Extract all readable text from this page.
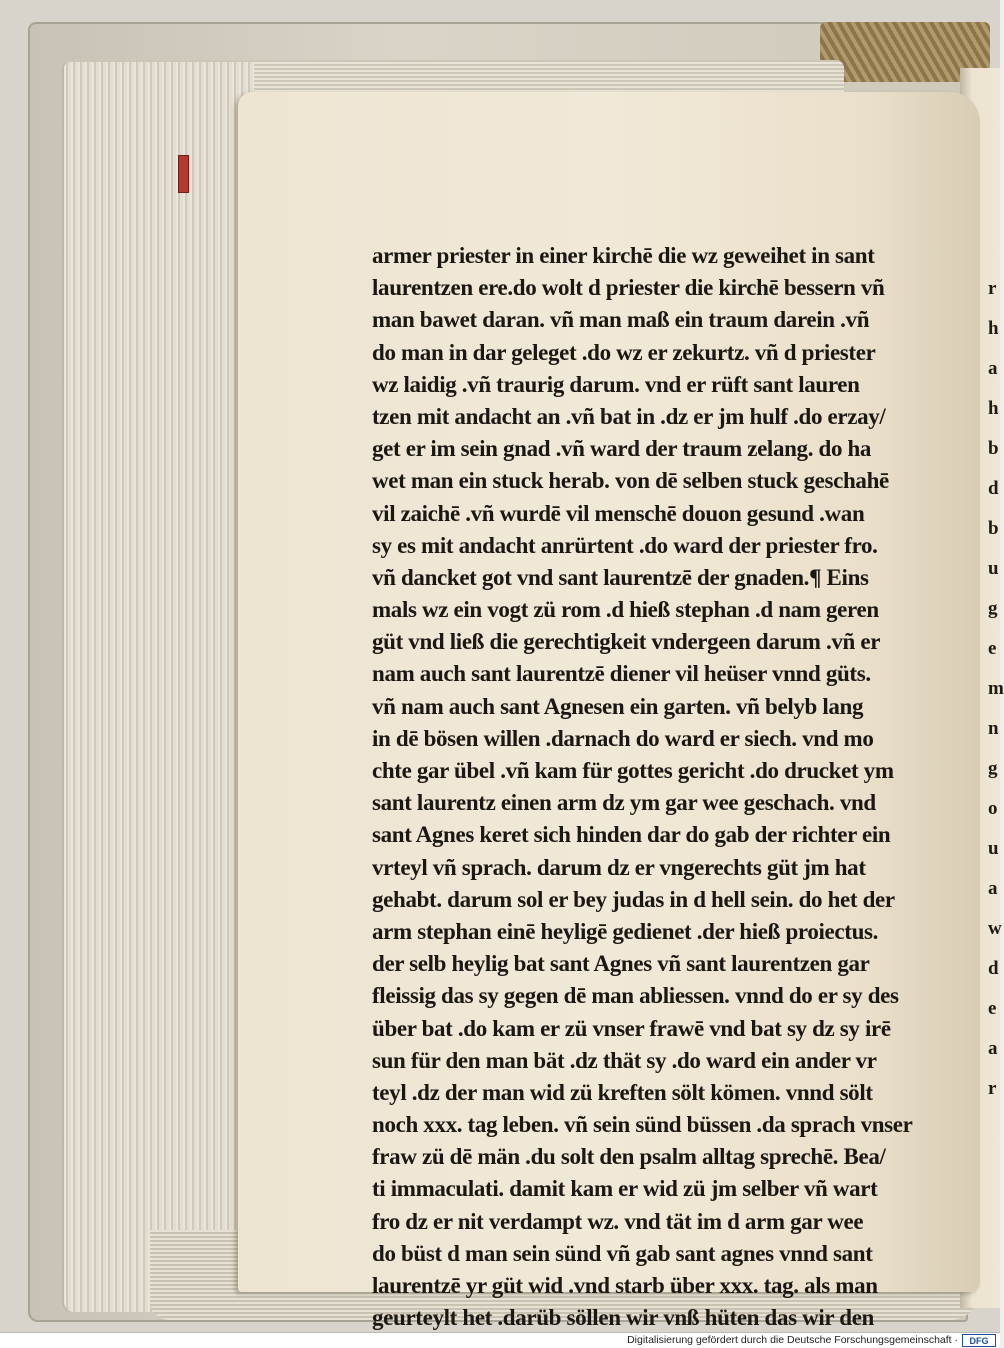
r
h
a
h
b
d
b
u
g
e
m
n
g
o
u
a
w
d
e
a
r
armer priester in einer kirchē die wz geweihet in sant
laurentzen ere.do wolt d priester die kirchē bessern vñ
man bawet daran. vñ man maß ein traum darein .vñ
do man in dar geleget .do wz er zekurtz. vñ d priester
wz laidig .vñ traurig darum. vnd er rüft sant lauren
tzen mit andacht an .vñ bat in .dz er jm hulf .do erzay/
get er im sein gnad .vñ ward der traum zelang. do ha
wet man ein stuck herab. von dē selben stuck geschahē
vil zaichē .vñ wurdē vil menschē douon gesund .wan
sy es mit andacht anrürtent .do ward der priester fro.
vñ dancket got vnd sant laurentzē der gnaden.¶ Eins
mals wz ein vogt zü rom .d hieß stephan .d nam geren
güt vnd ließ die gerechtigkeit vndergeen darum .vñ er
nam auch sant laurentzē diener vil heüser vnnd güts.
vñ nam auch sant Agnesen ein garten. vñ belyb lang
in dē bösen willen .darnach do ward er siech. vnd mo
chte gar übel .vñ kam für gottes gericht .do drucket ym
sant laurentz einen arm dz ym gar wee geschach. vnd
sant Agnes keret sich hinden dar do gab der richter ein
vrteyl vñ sprach. darum dz er vngerechts güt jm hat
gehabt. darum sol er bey judas in d hell sein. do het der
arm stephan einē heyligē gedienet .der hieß proiectus.
der selb heylig bat sant Agnes vñ sant laurentzen gar
fleissig das sy gegen dē man abliessen. vnnd do er sy des
über bat .do kam er zü vnser frawē vnd bat sy dz sy irē
sun für den man bät .dz thät sy .do ward ein ander vr
teyl .dz der man wid zü kreften sölt kömen. vnnd sölt
noch xxx. tag leben. vñ sein sünd büssen .da sprach vnser
fraw zü dē män .du solt den psalm alltag sprechē. Bea/
ti immaculati. damit kam er wid zü jm selber vñ wart
fro dz er nit verdampt wz. vnd tät im d arm gar wee
do büst d man sein sünd vñ gab sant agnes vnnd sant
laurentzē yr güt wid .vnd starb über xxx. tag. als man
geurteylt het .darüb söllen wir vnß hüten das wir den
Digitalisierung gefördert durch die Deutsche Forschungsgemeinschaft ·	DFG
